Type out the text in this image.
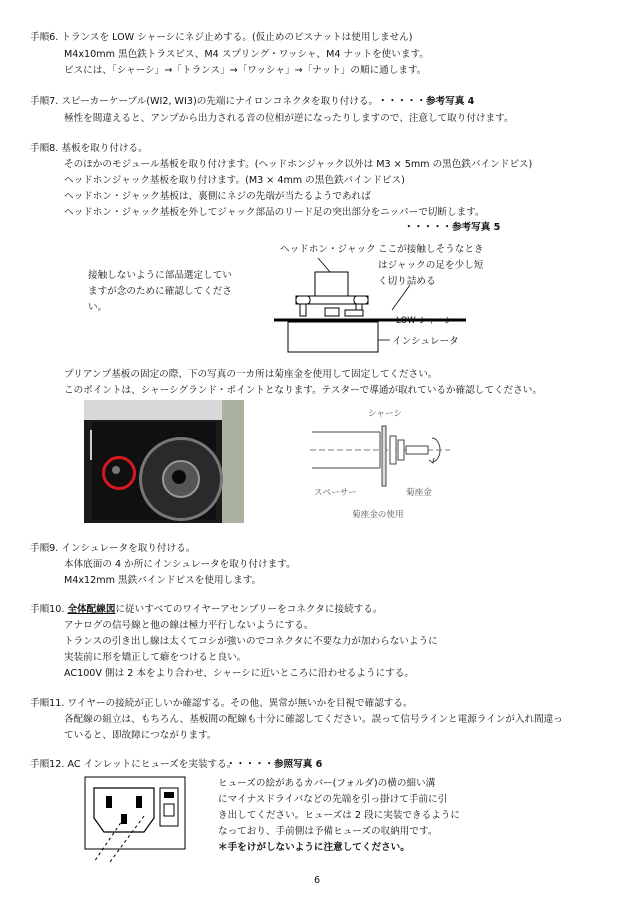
手順6. トランスを LOW シャーシにネジ止めする。(仮止めのビスナットは使用しません)
M4x10mm 黒色鉄トラスビス、M4 スプリング・ワッシャ、M4 ナットを使います。
ビスには、「シャーシ」→「トランス」→「ワッシャ」→「ナット」の順に通します。
手順7. スピーカーケーブル(WI2, WI3)の先端にナイロンコネクタを取り付ける。 ・・・・・参考写真 4
極性を間違えると、アンプから出力される音の位相が逆になったりしますので、注意して取り付けます。
手順8. 基板を取り付ける。
そのほかのモジュール基板を取り付けます。(ヘッドホンジャック以外は M3 × 5mm の黒色鉄バインドビス)
ヘッドホンジャック基板を取り付けます。(M3 × 4mm の黒色鉄バインドビス)
ヘッドホン・ジャック基板は、裏側にネジの先端が当たるようであれば
ヘッドホン・ジャック基板を外してジャック部品のリード足の突出部分をニッパーで切断します。
・・・・・参考写真 5
ヘッドホン・ジャック ここが接触しそうなとき
はジャックの足を少し短
く切り詰める
接触しないように部品選定してい
ますが念のために確認してくださ
い。
LOW シャーシ
インシュレータ
プリアンプ基板の固定の際、下の写真の一カ所は菊座金を使用して固定してください。
このポイントは、シャーシグランド・ポイントとなります。テスターで導通が取れているか確認してください。
シャーシ
スペーサー	菊座金
菊座金の使用
手順9. インシュレータを取り付ける。
本体底面の 4 か所にインシュレータを取り付けます。
M4x12mm 黒鉄バインドビスを使用します。
手順10. 全体配線図に従いすべてのワイヤーアセンブリーをコネクタに接続する。
アナログの信号線と他の線は極力平行しないようにする。
トランスの引き出し線は太くてコシが強いのでコネクタに不要な力が加わらないように
実装前に形を矯正して癖をつけると良い。
AC100V 側は 2 本をより合わせ、シャーシに近いところに沿わせるようにする。
手順11. ワイヤーの接続が正しいか確認する。その他、異常が無いかを目視で確認する。
各配線の組立は、もちろん、基板間の配線も十分に確認してください。誤って信号ラインと電源ラインが入れ間違っ
ていると、即故障につながります。
手順12. AC インレットにヒューズを実装する。
・・・・・参照写真 6
ヒューズの絵があるカバー(フォルダ)の横の細い溝
にマイナスドライバなどの先端を引っ掛けて手前に引
き出してください。ヒューズは 2 段に実装できるように
なっており、手前側は予備ヒューズの収納用です。
＊手をけがしないように注意してください。
6
